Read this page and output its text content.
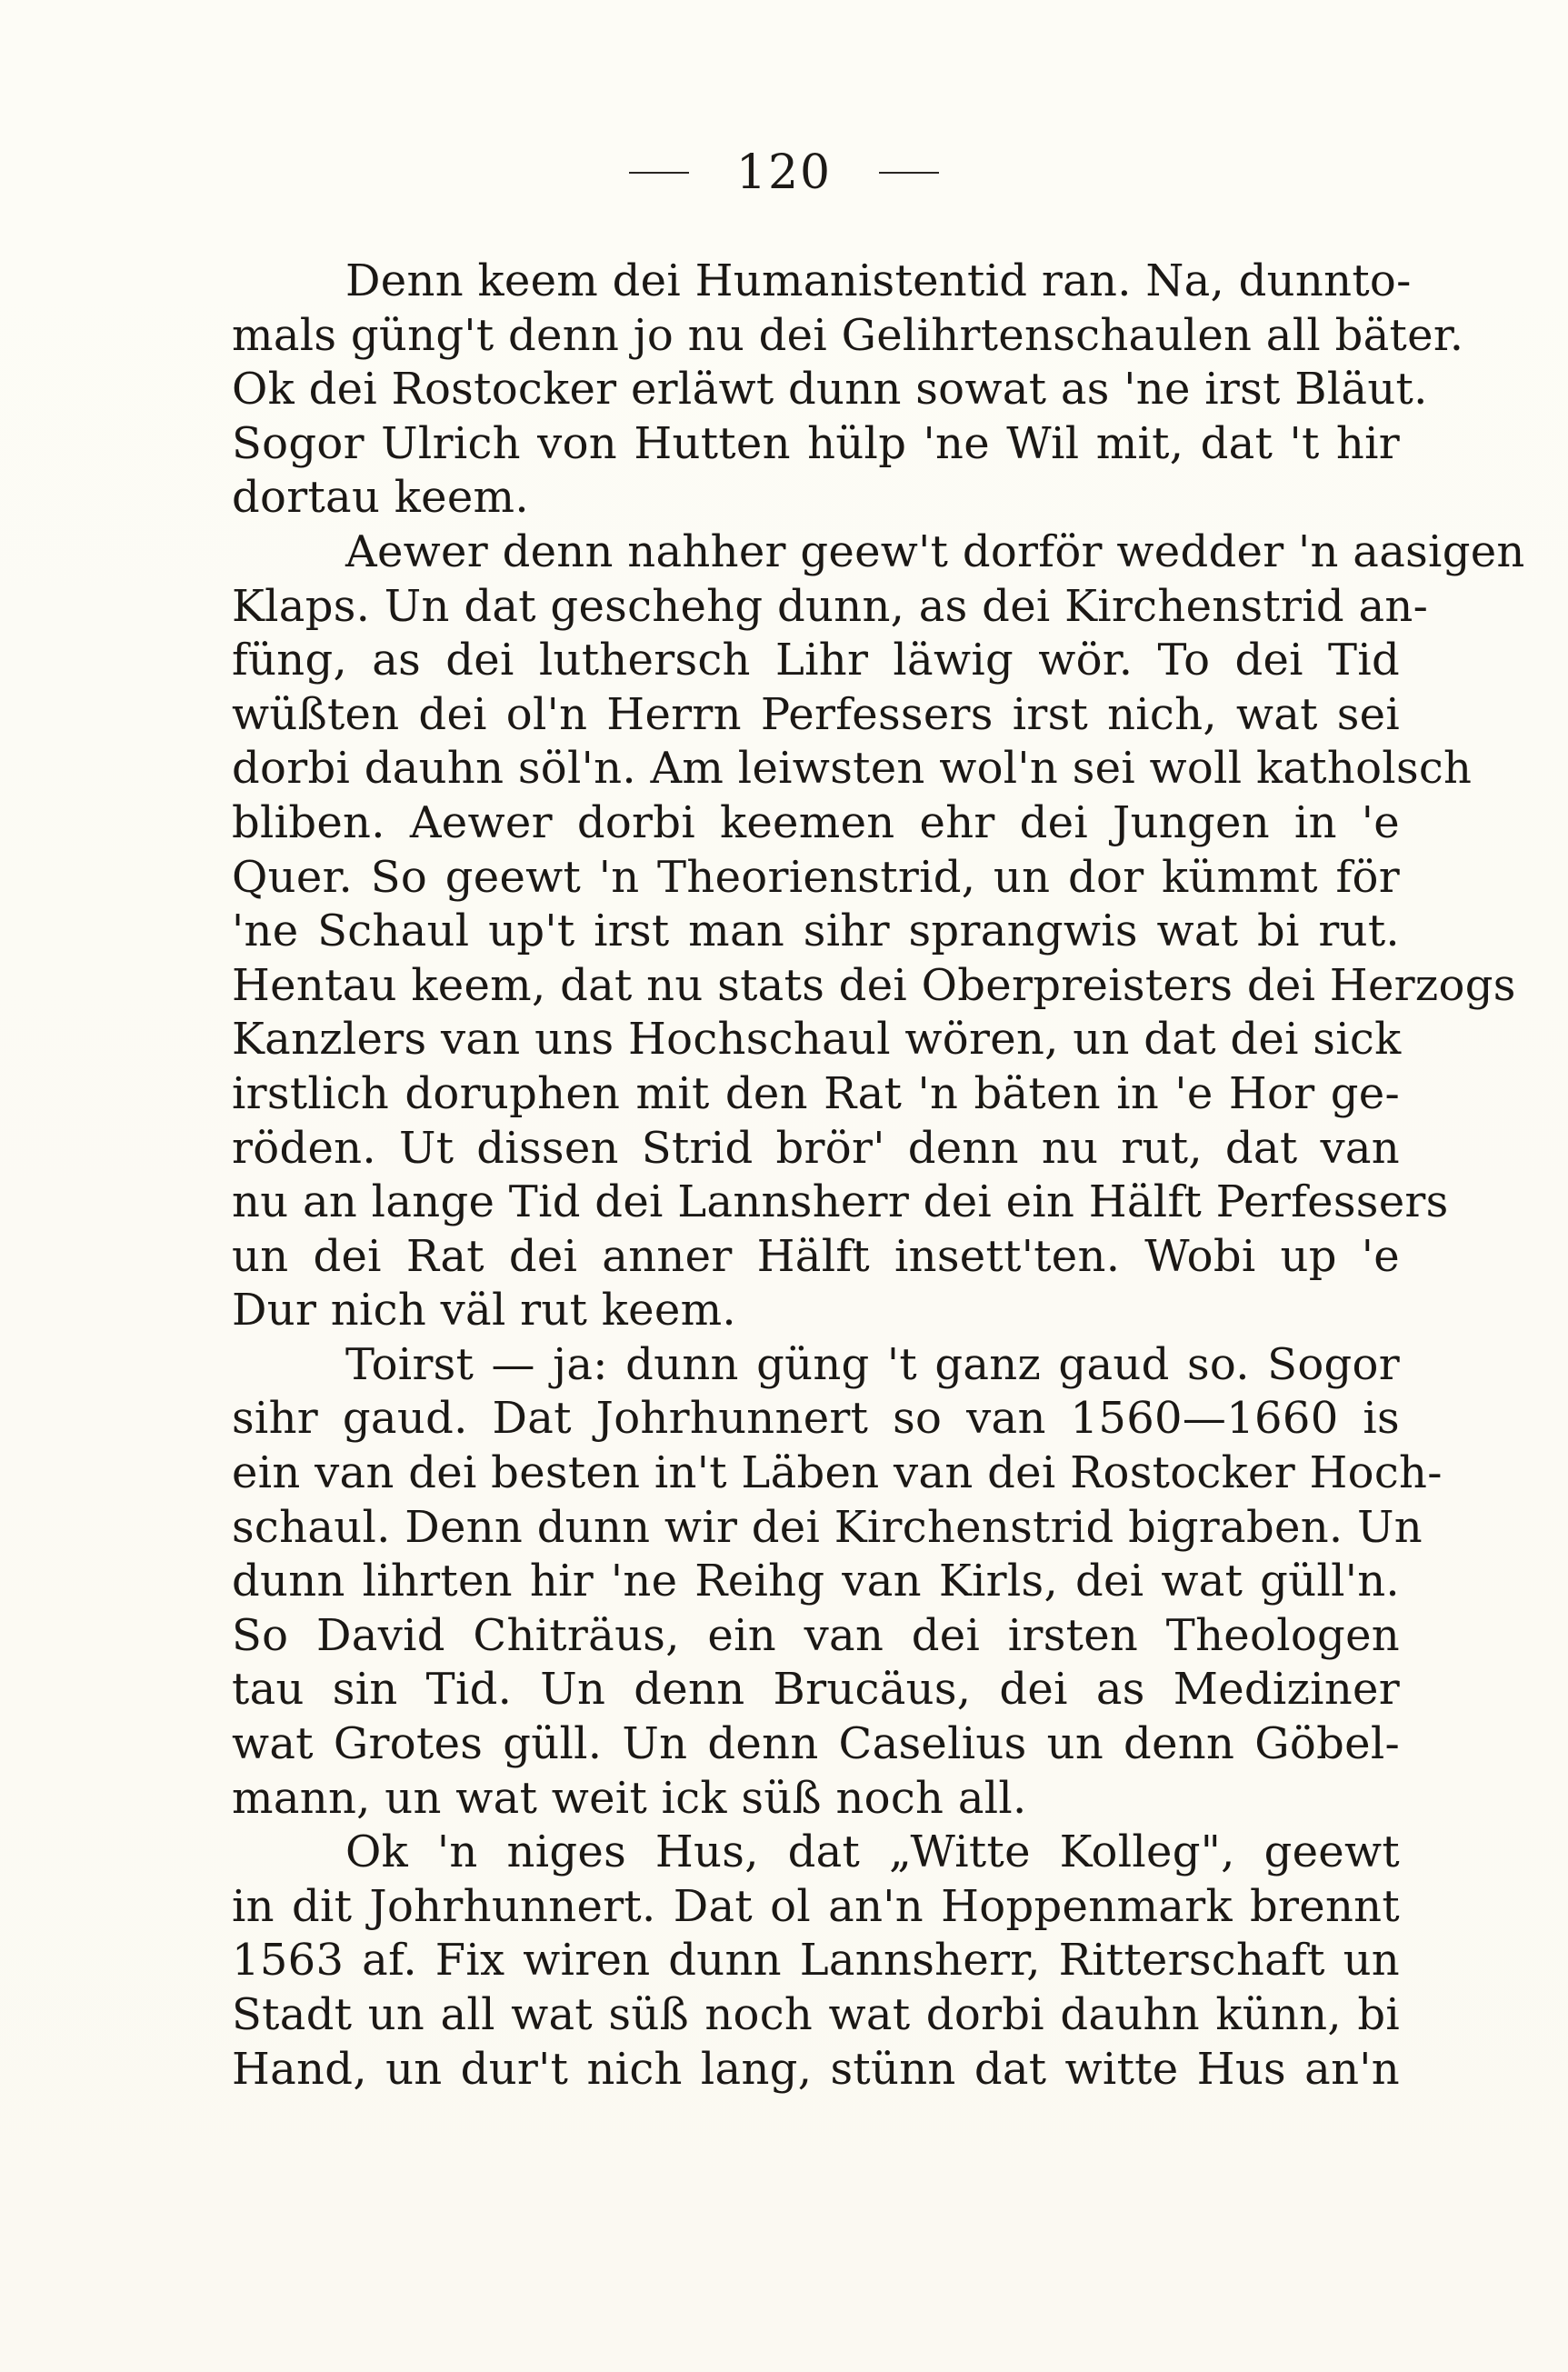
120
Denn keem dei Humanistentid ran. Na, dunnto-
mals güng't denn jo nu dei Gelihrtenschaulen all bäter.
Ok dei Rostocker erläwt dunn sowat as 'ne irst Bläut.
Sogor Ulrich von Hutten hülp 'ne Wil mit, dat 't hir
dortau keem.
Aewer denn nahher geew't dorför wedder 'n aasigen
Klaps. Un dat geschehg dunn, as dei Kirchenstrid an-
füng, as dei luthersch Lihr läwig wör. To dei Tid
wüßten dei ol'n Herrn Perfessers irst nich, wat sei
dorbi dauhn söl'n. Am leiwsten wol'n sei woll katholsch
bliben. Aewer dorbi keemen ehr dei Jungen in 'e
Quer. So geewt 'n Theorienstrid, un dor kümmt för
'ne Schaul up't irst man sihr sprangwis wat bi rut.
Hentau keem, dat nu stats dei Oberpreisters dei Herzogs
Kanzlers van uns Hochschaul wören, un dat dei sick
irstlich doruphen mit den Rat 'n bäten in 'e Hor ge-
röden. Ut dissen Strid brör' denn nu rut, dat van
nu an lange Tid dei Lannsherr dei ein Hälft Perfessers
un dei Rat dei anner Hälft insett'ten. Wobi up 'e
Dur nich väl rut keem.
Toirst — ja: dunn güng 't ganz gaud so. Sogor
sihr gaud. Dat Johrhunnert so van 1560—1660 is
ein van dei besten in't Läben van dei Rostocker Hoch-
schaul. Denn dunn wir dei Kirchenstrid bigraben. Un
dunn lihrten hir 'ne Reihg van Kirls, dei wat güll'n.
So David Chiträus, ein van dei irsten Theologen
tau sin Tid. Un denn Brucäus, dei as Mediziner
wat Grotes güll. Un denn Caselius un denn Göbel-
mann, un wat weit ick süß noch all.
Ok 'n niges Hus, dat „Witte Kolleg", geewt
in dit Johrhunnert. Dat ol an'n Hoppenmark brennt
1563 af. Fix wiren dunn Lannsherr, Ritterschaft un
Stadt un all wat süß noch wat dorbi dauhn künn, bi
Hand, un dur't nich lang, stünn dat witte Hus an'n
